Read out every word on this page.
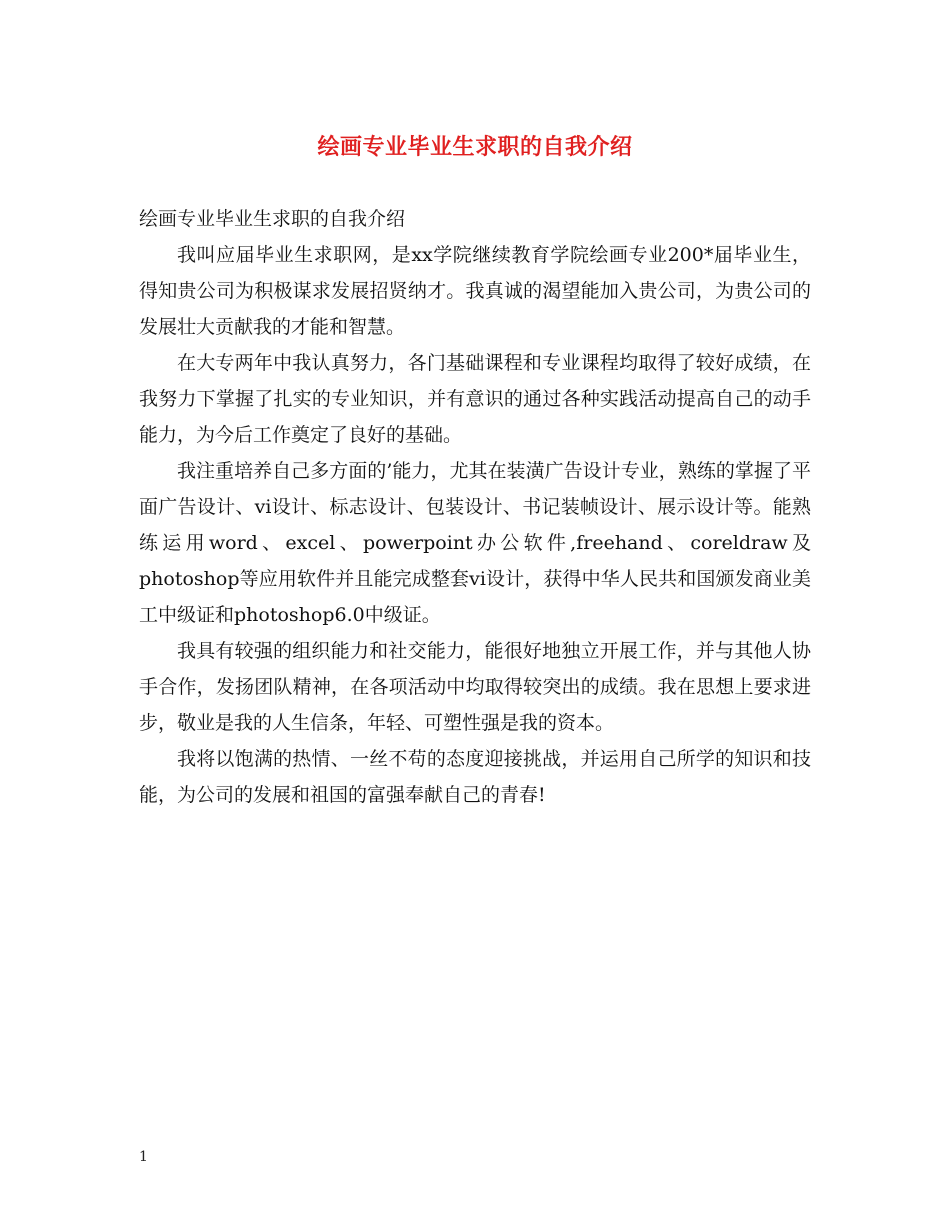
绘画专业毕业生求职的自我介绍

绘画专业毕业生求职的自我介绍

我叫应届毕业生求职网，是xx学院继续教育学院绘画专业200*届毕业生，得知贵公司为积极谋求发展招贤纳才。我真诚的渴望能加入贵公司，为贵公司的发展壮大贡献我的才能和智慧。

在大专两年中我认真努力，各门基础课程和专业课程均取得了较好成绩，在我努力下掌握了扎实的专业知识，并有意识的通过各种实践活动提高自己的动手能力，为今后工作奠定了良好的基础。

我注重培养自己多方面的’能力，尤其在装潢广告设计专业，熟练的掌握了平面广告设计、vi设计、标志设计、包装设计、书记装帧设计、展示设计等。能熟练运用word、excel、powerpoint办公软件,freehand、coreldraw及photoshop等应用软件并且能完成整套vi设计，获得中华人民共和国颁发商业美工中级证和photoshop6.0中级证。

我具有较强的组织能力和社交能力，能很好地独立开展工作，并与其他人协手合作，发扬团队精神，在各项活动中均取得较突出的成绩。我在思想上要求进步，敬业是我的人生信条，年轻、可塑性强是我的资本。

我将以饱满的热情、一丝不苟的态度迎接挑战，并运用自己所学的知识和技能，为公司的发展和祖国的富强奉献自己的青春!

1
